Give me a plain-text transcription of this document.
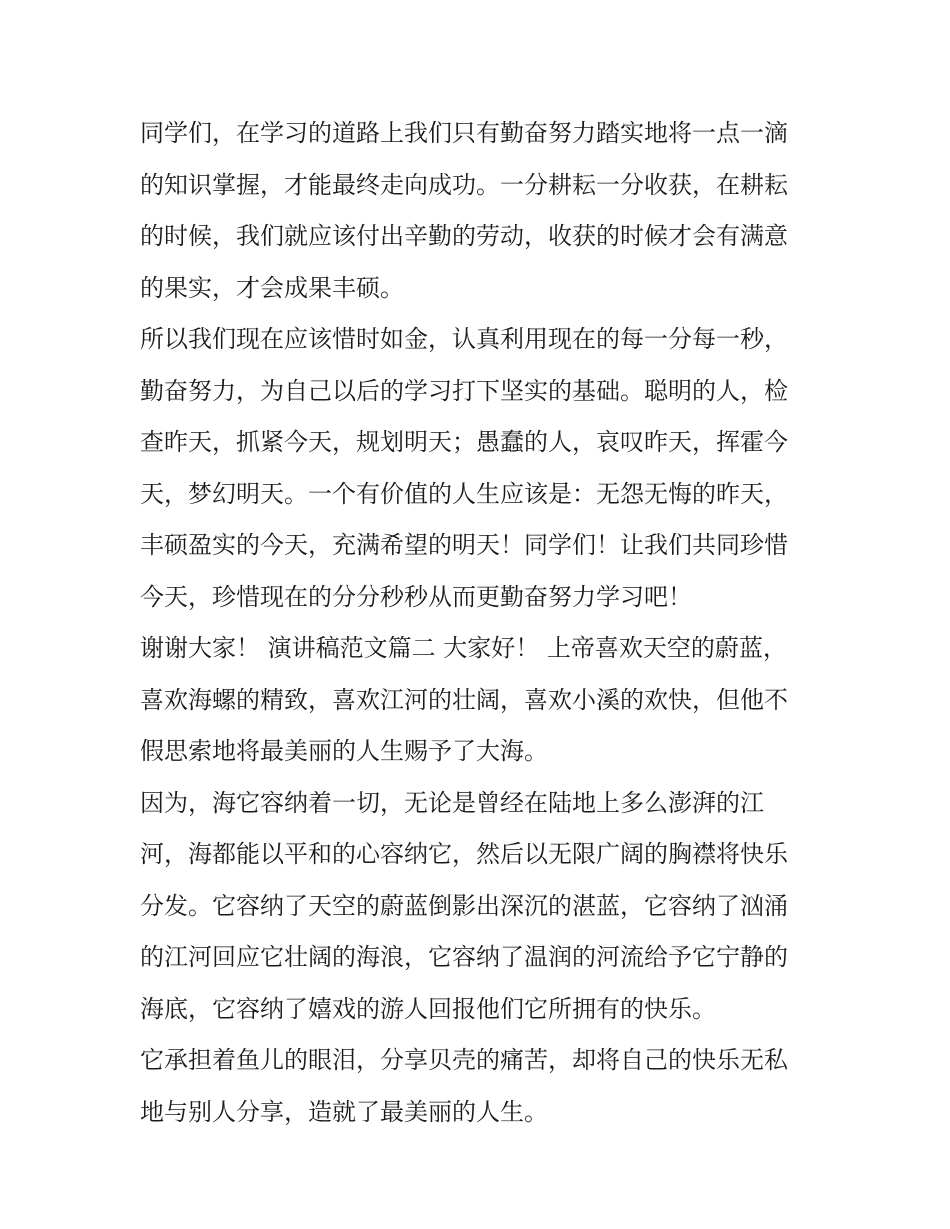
同学们，在学习的道路上我们只有勤奋努力踏实地将一点一滴
的知识掌握，才能最终走向成功。一分耕耘一分收获，在耕耘
的时候，我们就应该付出辛勤的劳动，收获的时候才会有满意
的果实，才会成果丰硕。
所以我们现在应该惜时如金，认真利用现在的每一分每一秒，
勤奋努力，为自己以后的学习打下坚实的基础。聪明的人，检
查昨天，抓紧今天，规划明天；愚蠢的人，哀叹昨天，挥霍今
天，梦幻明天。一个有价值的人生应该是：无怨无悔的昨天，
丰硕盈实的今天，充满希望的明天！同学们！让我们共同珍惜
今天，珍惜现在的分分秒秒从而更勤奋努力学习吧！
谢谢大家！ 演讲稿范文篇二 大家好！ 上帝喜欢天空的蔚蓝，
喜欢海螺的精致，喜欢江河的壮阔，喜欢小溪的欢快，但他不
假思索地将最美丽的人生赐予了大海。
因为，海它容纳着一切，无论是曾经在陆地上多么澎湃的江
河，海都能以平和的心容纳它，然后以无限广阔的胸襟将快乐
分发。它容纳了天空的蔚蓝倒影出深沉的湛蓝，它容纳了汹涌
的江河回应它壮阔的海浪，它容纳了温润的河流给予它宁静的
海底，它容纳了嬉戏的游人回报他们它所拥有的快乐。
它承担着鱼儿的眼泪，分享贝壳的痛苦，却将自己的快乐无私
地与别人分享，造就了最美丽的人生。
